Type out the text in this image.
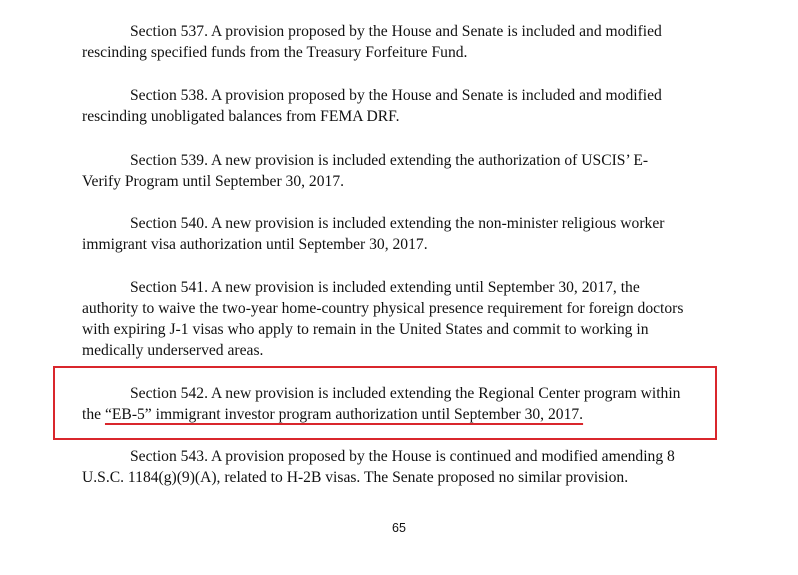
Section 537. A provision proposed by the House and Senate is included and modified
rescinding specified funds from the Treasury Forfeiture Fund.
Section 538. A provision proposed by the House and Senate is included and modified
rescinding unobligated balances from FEMA DRF.
Section 539. A new provision is included extending the authorization of USCIS’ E-
Verify Program until September 30, 2017.
Section 540. A new provision is included extending the non-minister religious worker
immigrant visa authorization until September 30, 2017.
Section 541. A new provision is included extending until September 30, 2017, the
authority to waive the two-year home-country physical presence requirement for foreign doctors
with expiring J-1 visas who apply to remain in the United States and commit to working in
medically underserved areas.
Section 542. A new provision is included extending the Regional Center program within
the “EB-5” immigrant investor program authorization until September 30, 2017.
Section 543. A provision proposed by the House is continued and modified amending 8
U.S.C. 1184(g)(9)(A), related to H-2B visas. The Senate proposed no similar provision.
65
